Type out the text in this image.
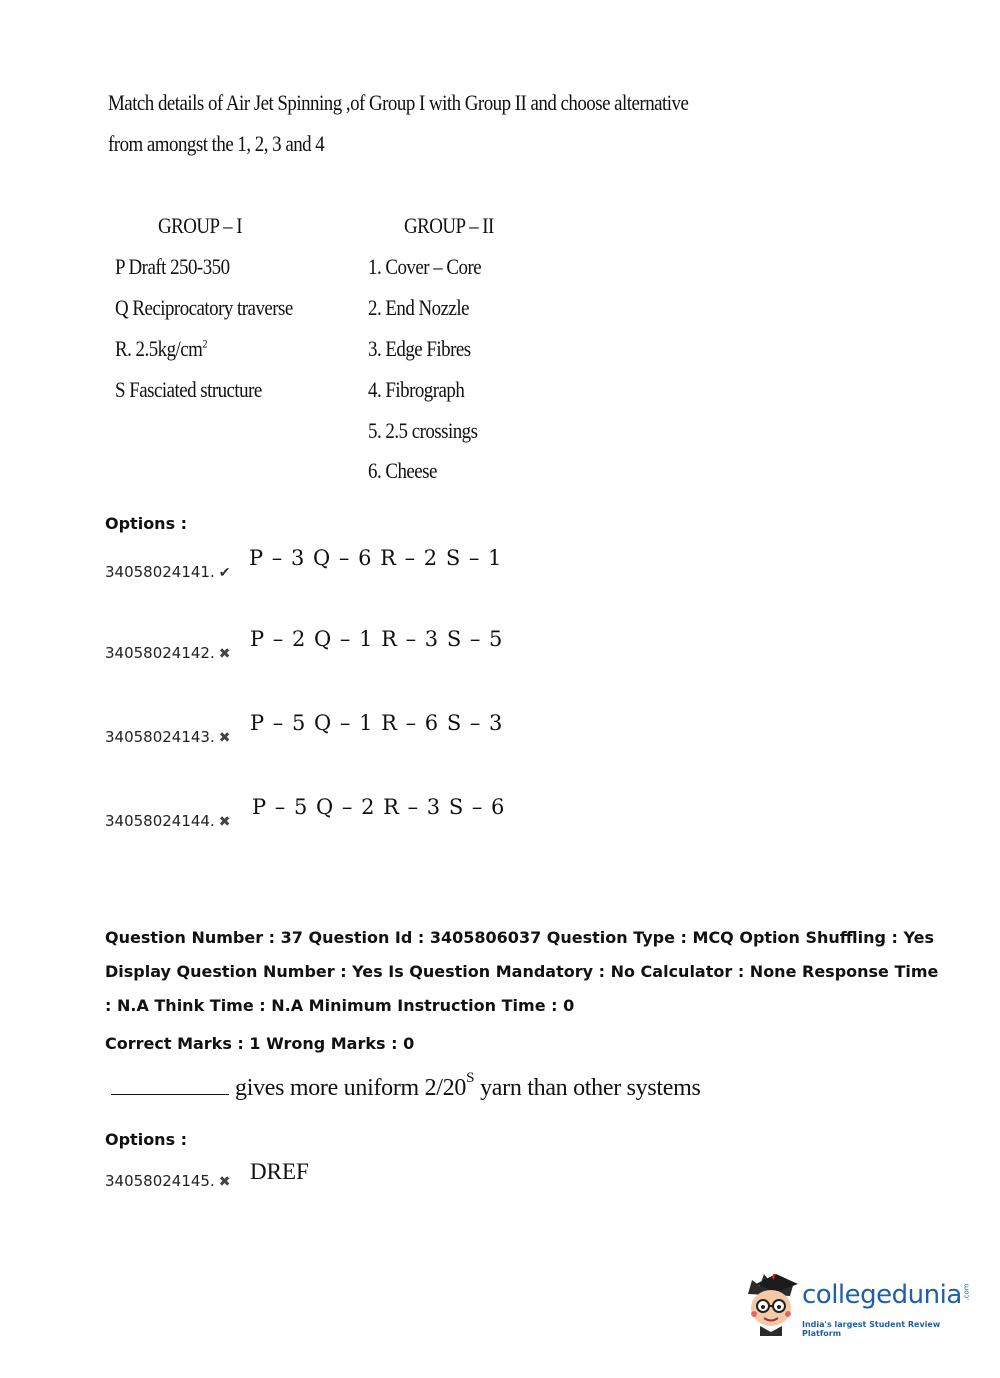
Match details of Air Jet Spinning ,of Group I with Group II and choose alternative
from amongst the 1, 2, 3 and 4
GROUP – I	GROUP – II
P Draft 250-350
Q Reciprocatory traverse
R. $2.5kg/cm^2$
S Fasciated structure
1. Cover – Core
2. End Nozzle
3. Edge Fibres
4. Fibrograph
5. 2.5 crossings
6. Cheese
Options :
34058024141. ✔
P – 3 Q – 6 R – 2 S – 1
34058024142. ✖
P – 2 Q – 1 R – 3 S – 5
34058024143. ✖
P – 5 Q – 1 R – 6 S – 3
34058024144. ✖
P – 5 Q – 2 R – 3 S – 6
Question Number : 37 Question Id : 3405806037 Question Type : MCQ Option Shuffling : Yes
Display Question Number : Yes Is Question Mandatory : No Calculator : None Response Time
: N.A Think Time : N.A Minimum Instruction Time : 0
Correct Marks : 1 Wrong Marks : 0
gives more uniform $2/20^S$ yarn than other systems
Options :
34058024145. ✖ DREF
collegedunia .com
India's largest Student Review Platform
